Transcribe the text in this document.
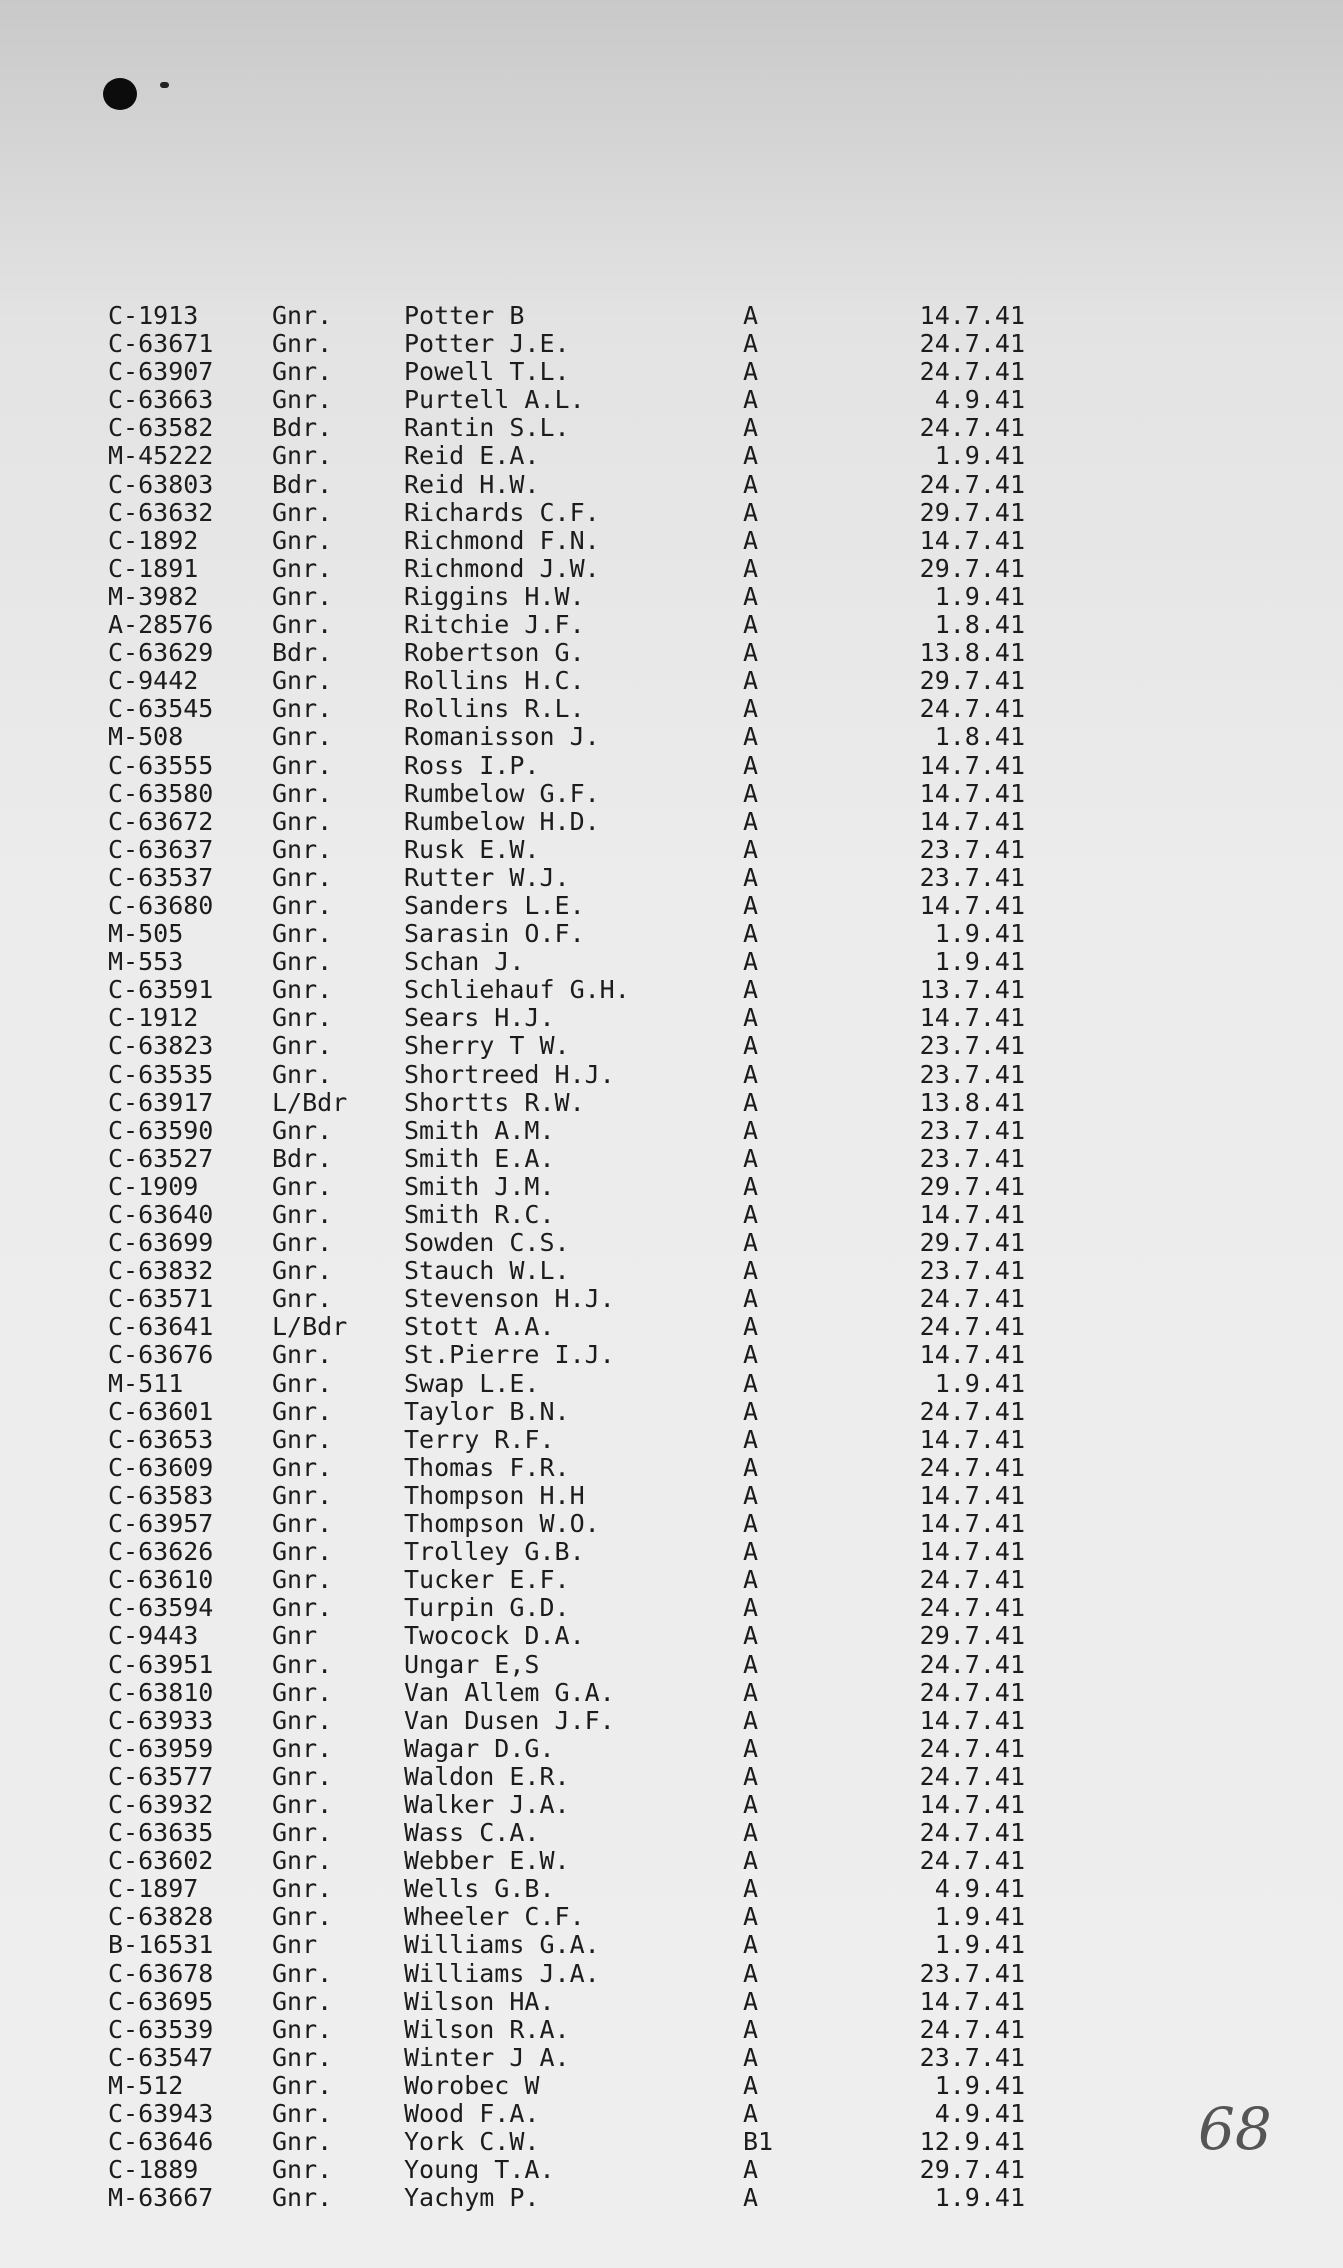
C-1913	Gnr.	Potter B	A	14.7.41
C-63671 Gnr.	Potter J.E.	A	24.7.41
C-63907 Gnr.	Powell T.L.	A	24.7.41
C-63663 Gnr.	Purtell A.L.	A	4.9.41
C-63582 Bdr.	Rantin S.L.	A	24.7.41
M-45222 Gnr.	Reid E.A.	A	1.9.41
C-63803 Bdr.	Reid H.W.	A	24.7.41
C-63632 Gnr.	Richards C.F.	A	29.7.41
C-1892	Gnr.	Richmond F.N.	A	14.7.41
C-1891	Gnr.	Richmond J.W.	A	29.7.41
M-3982	Gnr.	Riggins H.W.	A	1.9.41
A-28576 Gnr.	Ritchie J.F.	A	1.8.41
C-63629 Bdr.	Robertson G.	A	13.8.41
C-9442	Gnr.	Rollins H.C.	A	29.7.41
C-63545 Gnr.	Rollins R.L.	A	24.7.41
M-508	Gnr.	Romanisson J.	A	1.8.41
C-63555 Gnr.	Ross I.P.	A	14.7.41
C-63580 Gnr.	Rumbelow G.F.	A	14.7.41
C-63672 Gnr.	Rumbelow H.D.	A	14.7.41
C-63637 Gnr.	Rusk E.W.	A	23.7.41
C-63537 Gnr.	Rutter W.J.	A	23.7.41
C-63680 Gnr.	Sanders L.E.	A	14.7.41
M-505	Gnr.	Sarasin O.F.	A	1.9.41
M-553	Gnr.	Schan J.	A	1.9.41
C-63591 Gnr.	Schliehauf G.H.	A	13.7.41
C-1912	Gnr.	Sears H.J.	A	14.7.41
C-63823 Gnr.	Sherry T W.	A	23.7.41
C-63535 Gnr.	Shortreed H.J.	A	23.7.41
C-63917 L/Bdr Shortts R.W.	A	13.8.41
C-63590 Gnr.	Smith A.M.	A	23.7.41
C-63527 Bdr.	Smith E.A.	A	23.7.41
C-1909	Gnr.	Smith J.M.	A	29.7.41
C-63640 Gnr.	Smith R.C.	A	14.7.41
C-63699 Gnr.	Sowden C.S.	A	29.7.41
C-63832 Gnr.	Stauch W.L.	A	23.7.41
C-63571 Gnr.	Stevenson H.J.	A	24.7.41
C-63641 L/Bdr Stott A.A.	A	24.7.41
C-63676 Gnr.	St.Pierre I.J.	A	14.7.41
M-511	Gnr.	Swap L.E.	A	1.9.41
C-63601 Gnr.	Taylor B.N.	A	24.7.41
C-63653 Gnr.	Terry R.F.	A	14.7.41
C-63609 Gnr.	Thomas F.R.	A	24.7.41
C-63583 Gnr.	Thompson H.H	A	14.7.41
C-63957 Gnr.	Thompson W.O.	A	14.7.41
C-63626 Gnr.	Trolley G.B.	A	14.7.41
C-63610 Gnr.	Tucker E.F.	A	24.7.41
C-63594 Gnr.	Turpin G.D.	A	24.7.41
C-9443	Gnr	Twocock D.A.	A	29.7.41
C-63951 Gnr.	Ungar E,S	A	24.7.41
C-63810 Gnr.	Van Allem G.A.	A	24.7.41
C-63933 Gnr.	Van Dusen J.F.	A	14.7.41
C-63959 Gnr.	Wagar D.G.	A	24.7.41
C-63577 Gnr.	Waldon E.R.	A	24.7.41
C-63932 Gnr.	Walker J.A.	A	14.7.41
C-63635 Gnr.	Wass C.A.	A	24.7.41
C-63602 Gnr.	Webber E.W.	A	24.7.41
C-1897	Gnr.	Wells G.B.	A	4.9.41
C-63828 Gnr.	Wheeler C.F.	A	1.9.41
B-16531 Gnr	Williams G.A.	A	1.9.41
C-63678 Gnr.	Williams J.A.	A	23.7.41
C-63695 Gnr.	Wilson HA.	A	14.7.41
C-63539 Gnr.	Wilson R.A.	A	24.7.41
C-63547 Gnr.	Winter J A.	A	23.7.41
M-512	Gnr.	Worobec W	A	1.9.41
C-63943 Gnr.	Wood F.A.	A	4.9.41
C-63646 Gnr.	York C.W.	B1	12.9.41
C-1889	Gnr.	Young T.A.	A	29.7.41
M-63667 Gnr.	Yachym P.	A	1.9.41
68
